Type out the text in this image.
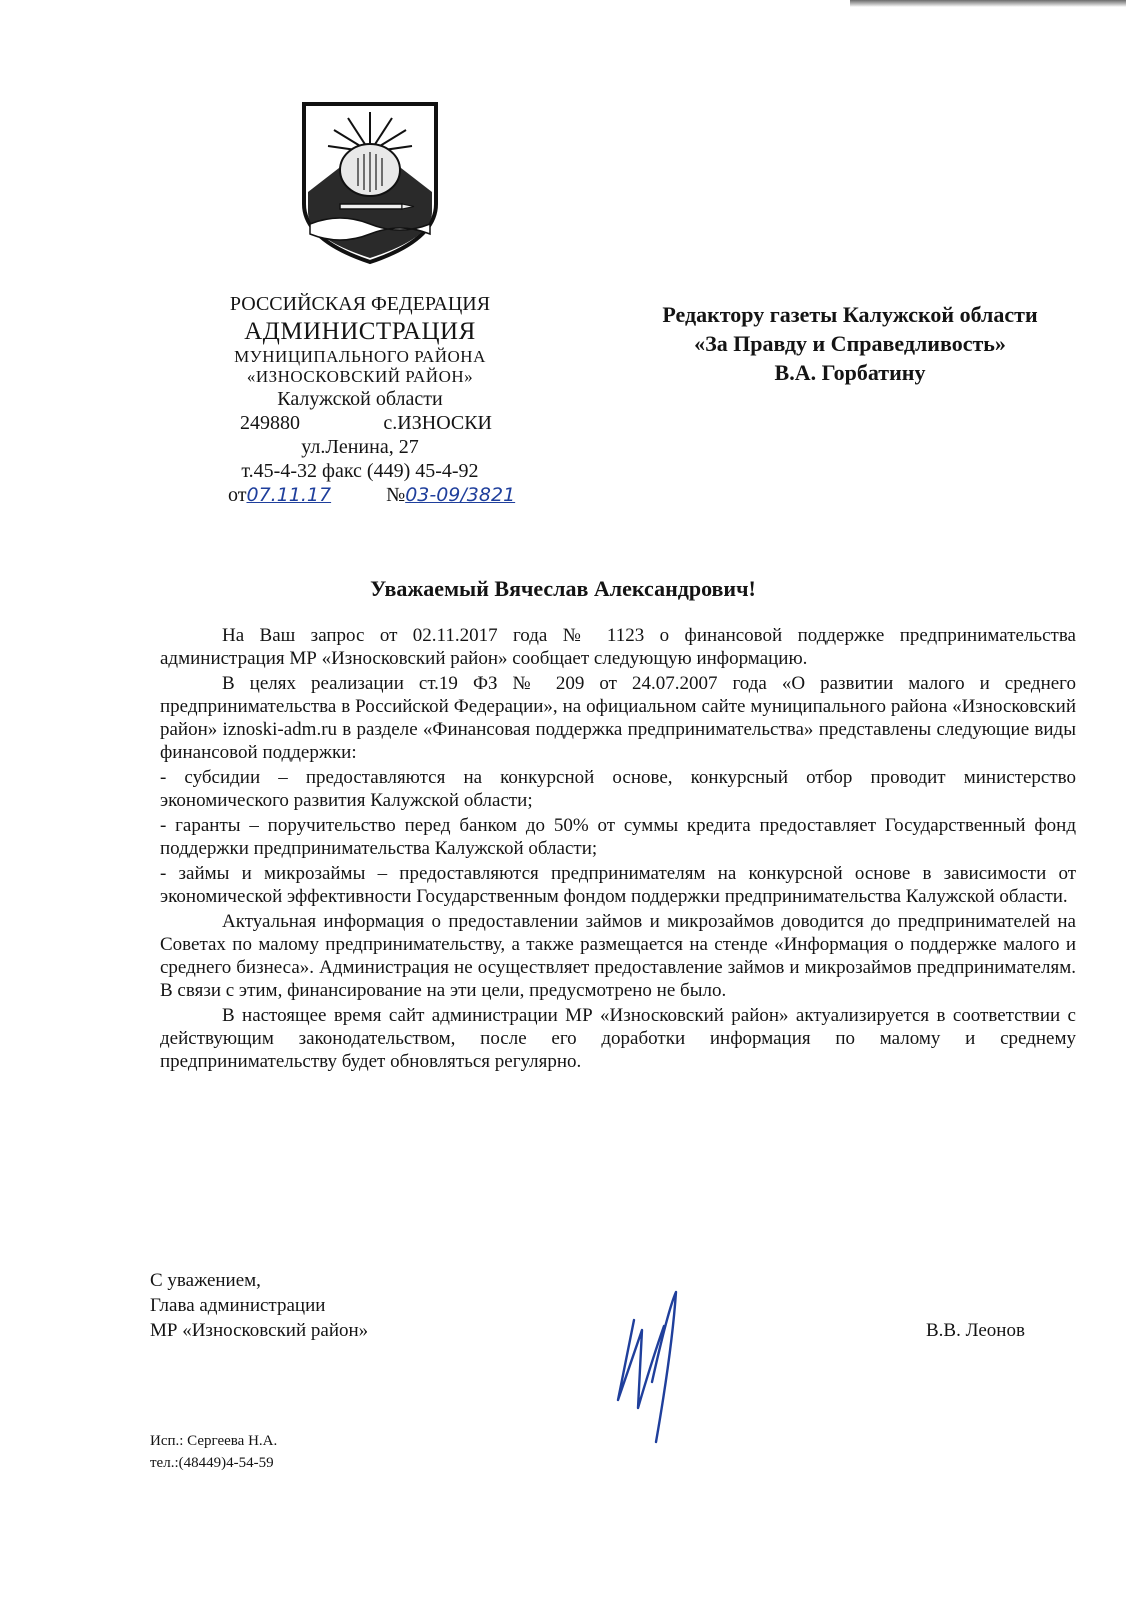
РОССИЙСКАЯ ФЕДЕРАЦИЯ
АДМИНИСТРАЦИЯ
МУНИЦИПАЛЬНОГО РАЙОНА
«ИЗНОСКОВСКИЙ РАЙОН»
Калужской области
249880	с.ИЗНОСКИ
ул.Ленина, 27
т.45-4-32 факс (449) 45-4-92
от07.11.17	№03-09/3821
Редактору газеты Калужской области
«За Правду и Справедливость»
В.А. Горбатину
Уважаемый Вячеслав Александрович!

На Ваш запрос от 02.11.2017 года № 1123 о финансовой поддержке предпринимательства администрация МР «Износковский район» сообщает следующую информацию.

В целях реализации ст.19 ФЗ № 209 от 24.07.2007 года «О развитии малого и среднего предпринимательства в Российской Федерации», на официальном сайте муниципального района «Износковский район» iznoski-adm.ru в разделе «Финансовая поддержка предпринимательства» представлены следующие виды финансовой поддержки:

- субсидии – предоставляются на конкурсной основе, конкурсный отбор проводит министерство экономического развития Калужской области;

- гаранты – поручительство перед банком до 50% от суммы кредита предоставляет Государственный фонд поддержки предпринимательства Калужской области;

- займы и микрозаймы – предоставляются предпринимателям на конкурсной основе в зависимости от экономической эффективности Государственным фондом поддержки предпринимательства Калужской области.

Актуальная информация о предоставлении займов и микрозаймов доводится до предпринимателей на Советах по малому предпринимательству, а также размещается на стенде «Информация о поддержке малого и среднего бизнеса». Администрация не осуществляет предоставление займов и микрозаймов предпринимателям. В связи с этим, финансирование на эти цели, предусмотрено не было.

В настоящее время сайт администрации МР «Износковский район» актуализируется в соответствии с действующим законодательством, после его доработки информация по малому и среднему предпринимательству будет обновляться регулярно.

С уважением,
Глава администрации
МР «Износковский район»	В.В. Леонов
Исп.: Сергеева Н.А.
тел.:(48449)4-54-59
